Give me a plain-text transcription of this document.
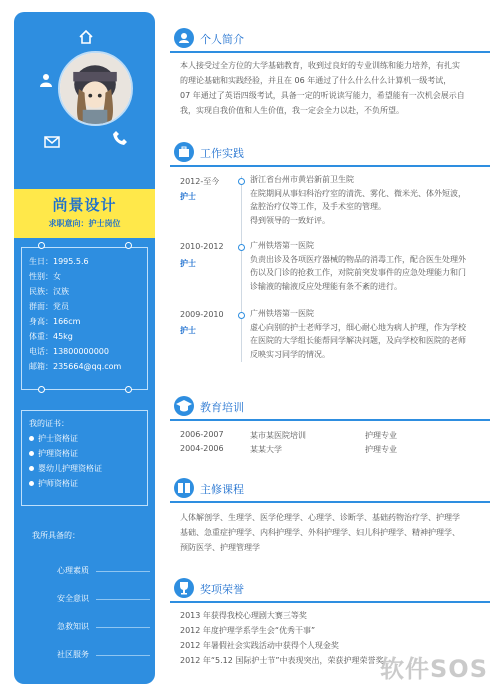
尚景设计
求职意向：护士岗位
生日：1995.5.6
性别：女
民族：汉族
群面：党员
身高：166cm
体重：45kg
电话：13800000000
邮箱：235664@qq.com
我的证书：
护士资格证
护理资格证
婴幼儿护理资格证
护师资格证
我所具备的：
心理素质
安全意识
急救知识
社区服务
个人简介
本人接受过全方位的大学基础教育，收到过良好的专业训练和能力培养，有扎实
的理论基础和实践经验，并且在 06 年通过了什么什么什么计算机一级考试，
07 年通过了英语四级考试，具备一定的听说读写能力，希望能有一次机会展示自
我，实现自我价值和人生价值，我一定会全力以赴，不负所望。
工作实践
2012-至今
护士
浙江省台州市黄岩新前卫生院
在院期间从事妇科治疗室的清洗、雾化、微米光、体外短波，
盆腔治疗仪等工作，及手术室的管理。
得到领导的一致好评。
2010-2012
护士
广州铁塔第一医院
负责出诊及各项医疗器械的物品的消毒工作，配合医生处理外
伤以及门诊的抢救工作，对院前突发事件的应急处理能力和门
诊输液的输液反应处理能有条不紊的进行。
2009-2010
护士
广州铁塔第一医院
虚心向别的护士老师学习，细心耐心地为病人护理，作为学校
在医院的大学组长能帮同学解决问题，及向学校和医院的老师
反映实习同学的情况。
教育培训
2006-2007	某市某医院培训	护理专业
2004-2006	某某大学	护理专业
主修课程
人体解剖学、生理学、医学伦理学、心理学、诊断学、基础药物治疗学、护理学
基础、急重症护理学、内科护理学、外科护理学、妇儿科护理学、精神护理学、
预防医学、护理管理学
奖项荣誉
2013 年获得我校心理剧大赛三等奖
2012 年度护理学系学生会“优秀干事”
2012 年暑假社会实践活动中获得个人现金奖
2012 年“5.12 国际护士节”中表现突出，荣获护理荣誉奖
软件SOS
